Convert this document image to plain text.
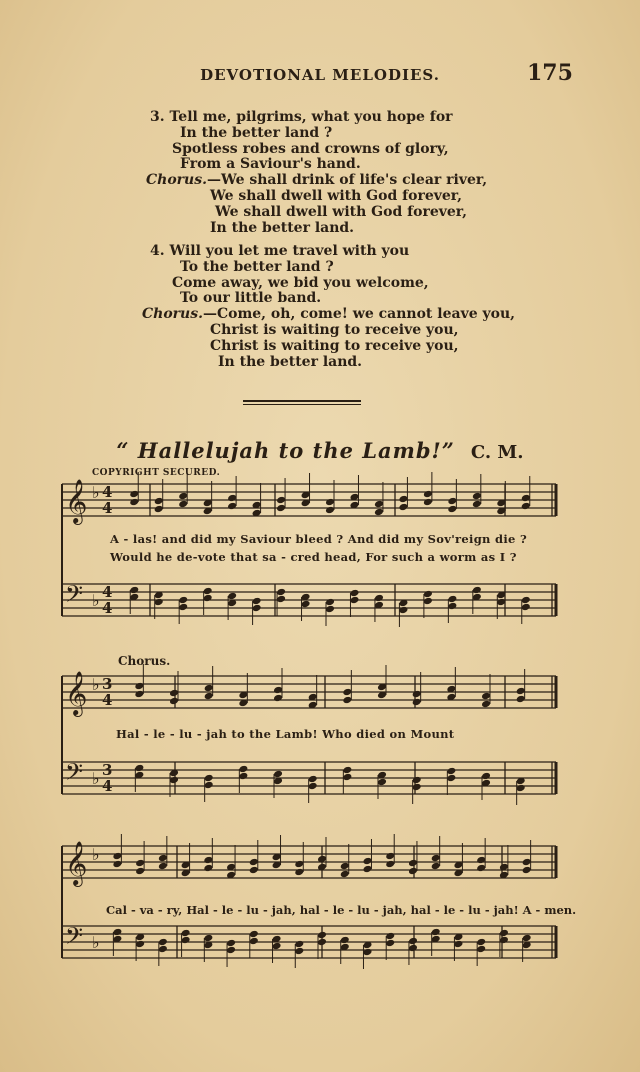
DEVOTIONAL MELODIES.	175
3. Tell me, pilgrims, what you hope for
In the better land ?
Spotless robes and crowns of glory,
From a Saviour's hand.
Chorus.—We shall drink of life's clear river,
We shall dwell with God forever,
We shall dwell with God forever,
In the better land.
4. Will you let me travel with you
To the better land ?
Come away, we bid you welcome,
To our little band.
Chorus.—Come, oh, come! we cannot leave you,
Christ is waiting to receive you,
Christ is waiting to receive you,
In the better land.
“ Hallelujah to the Lamb!” C. M.
COPYRIGHT SECURED.
𝄞 ♭ 4
4
𝄢 ♭ 4
4
𝄞 ♭ 3
4
𝄢 ♭ 3
4
𝄞 ♭
𝄢 ♭
A - las! and did my Saviour bleed ? And did my Sov'reign die ?
Would he de-vote that sa - cred head, For such a worm as I ?
Chorus.
Hal - le - lu - jah to the Lamb! Who died on Mount
Cal - va - ry, Hal - le - lu - jah, hal - le - lu - jah, hal - le - lu - jah! A - men.
